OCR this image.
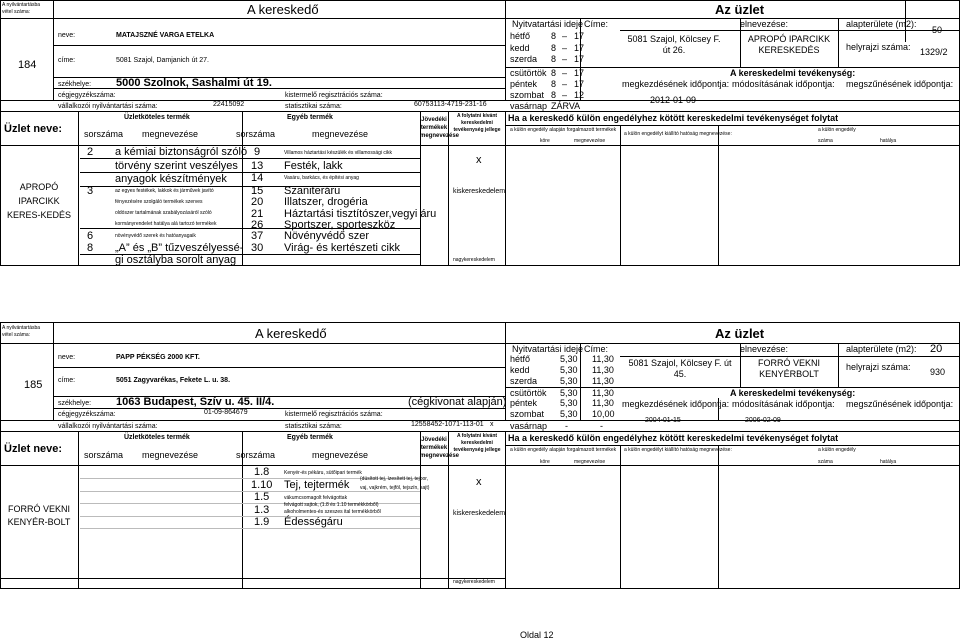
A nyilvántartásba vétel száma:
184
A kereskedő	Az üzlet
neve:	MATAJSZNÉ VARGA ETELKA
címe:	5081 Szajol, Damjanich út 27.
székhelye: 5000 Szolnok, Sashalmi út 19.
cégjegyzékszáma:	kistermelő regisztrációs száma:
vállalkozói nyilvántartási száma:	22415092	statisztikai száma:	60753113-4719-231-16
Nyitvatartási ideje
hétfő 8 – 17
kedd 8 – 17
szerda 8 – 17
csütörtök 8 – 17
péntek 8 – 17
szombat 8 – 12
vasárnap ZÁRVA
Címe:	elnevezése:	alapterülete (m2):
50
5081 Szajol, Kölcsey F. út 26.
APROPÓ IPARCIKK KERESKEDÉS	helyrajzi száma: 1329/2
A kereskedelmi tevékenység:
megkezdésének időpontja: módosításának időpontja: megszűnésének időpontja:
2012-01-09
Üzlet neve:
APROPÓ IPARCIKK KERES-KEDÉS
Üzletköteles termék	Egyéb termék
sorszáma megnevezése	sorszáma	megnevezése
Jövedéki termékek megnevezése
A folytatni kívánt kereskedelmi tevékenység jellege
Ha a kereskedő külön engedélyhez kötött kereskedelmi tevékenységet folytat
a külön engedély alapján forgalmazott termékek
a külön engedélyt kiállító hatóság megnevezése:
a külön engedély
köre	megnevezése	száma	hatálya
2 a kémiai biztonságról szóló
törvény szerint veszélyes
anyagok készítmények
3	az egyes festékek, lakkok és járművek javító
fényezésére szolgáló termékek szerves
oldószer tartalmának szabályozásáról szóló
kormányrendelet hatálya alá tartozó termékek
6	növényvédő szerek és hatóanyagaik
8 „A” és „B” tűzveszélyessé-
gi osztályba sorolt anyag
9	Villamos háztartási készülék és villamossági cikk
13 Festék, lakk
14	Vasáru, barkács, és építési anyag
15 Szaniteráru
20 Illatszer, drogéria
21 Háztartási tisztítószer,vegyi áru
26 Sportszer, sporteszköz
37 Növényvédő szer
30 Virág- és kertészeti cikk
x
kiskereskedelem
nagykereskedelem
A nyilvántartásba vétel száma:
185
A kereskedő	Az üzlet
neve:	PAPP PÉKSÉG 2000 KFT.
címe:	5051 Zagyvarékas, Fekete L. u. 38.
székhelye: 1063 Budapest, Szív u. 45. II/4.	(cégkivonat alapján)
cégjegyzékszáma:	01-09-864679	kistermelő regisztrációs száma:
vállalkozói nyilvántartási száma:	statisztikai száma:	12558452-1071-113-01 x
Nyitvatartási ideje
hétfő	5,30 11,30
kedd	5,30 11,30
szerda	5,30 11,30
csütörtök 5,30 11,30
péntek	5,30 11,30
szombat 5,30 10,00
vasárnap -	-
Címe:	elnevezése:	alapterülete (m2): 20
5081 Szajol, Kölcsey F. út 45.
FORRÓ VEKNI KENYÉRBOLT
helyrajzi száma: 930
A kereskedelmi tevékenység:
megkezdésének időpontja: módosításának időpontja: megszűnésének időpontja:
2004-01-15	2006-02-09
Üzlet neve:
FORRÓ VEKNI KENYÉR-BOLT
Üzletköteles termék	Egyéb termék
sorszáma megnevezése	sorszáma	megnevezése
Jövedéki termékek megnevezése
A folytatni kívánt kereskedelmi tevékenység jellege
Ha a kereskedő külön engedélyhez kötött kereskedelmi tevékenységet folytat
a külön engedély alapján forgalmazott termékek a külön engedélyt kiállító hatóság megnevezése:	a külön engedély
köre	megnevezése	száma	hatálya
1.8	Kenyér-és pékáru, sütőipari termék
1.10 Tej, tejtermék (dúsított tej, ízesített tej, tejpor,
vaj, vajkrém, tejföl, tejszín, sajt)
1.5	vákumcsomagolt felvágottak
felvágott sajtok, (1.8 és 1.10 termékkörből)
1.3	alkoholmentes-és szeszes ital termékkörből
1.9 Édességáru
x
kiskereskedelem
nagykereskedelem
Oldal 12
